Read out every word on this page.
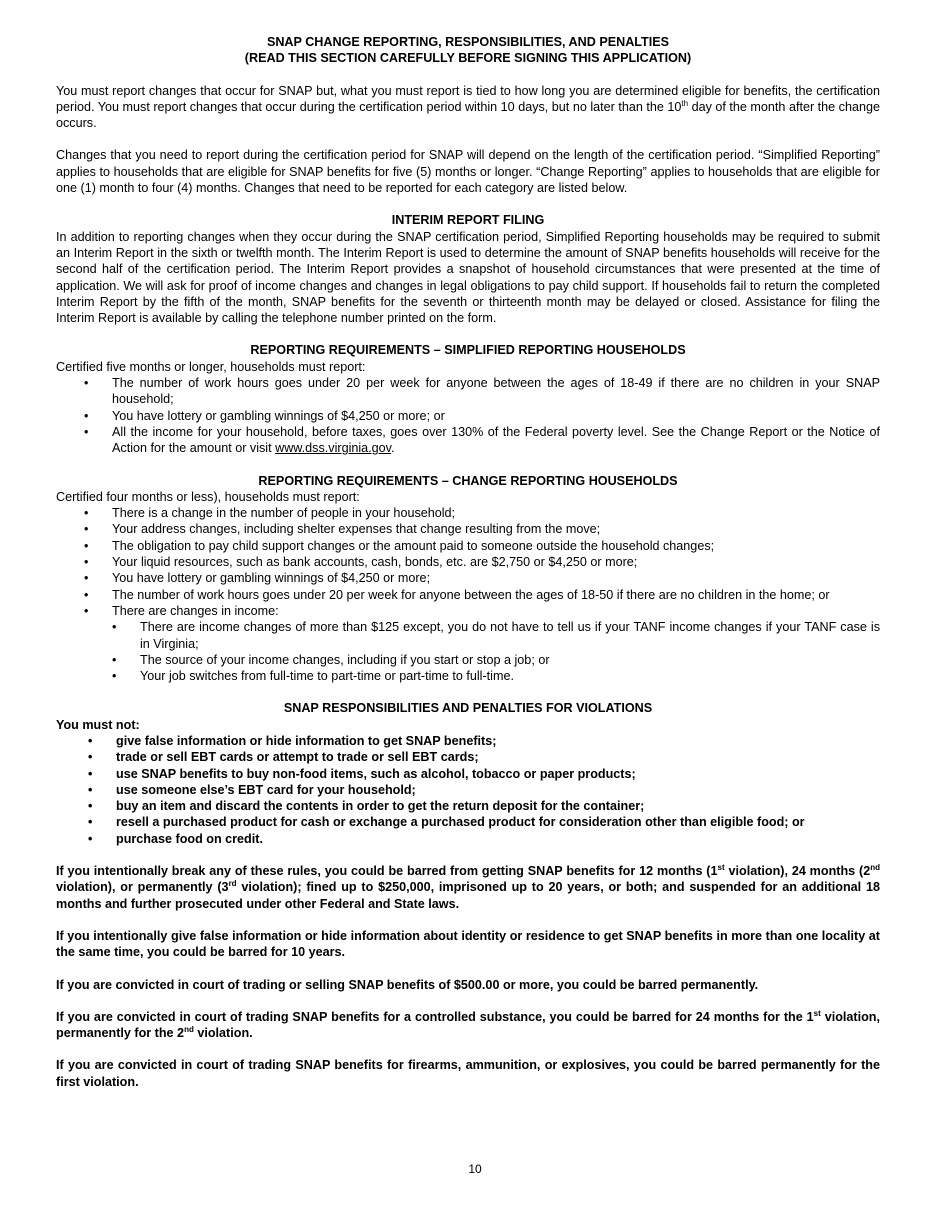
SNAP CHANGE REPORTING, RESPONSIBILITIES, AND PENALTIES
(READ THIS SECTION CAREFULLY BEFORE SIGNING THIS APPLICATION)

You must report changes that occur for SNAP but, what you must report is tied to how long you are determined eligible for benefits, the certification period. You must report changes that occur during the certification period within 10 days, but no later than the 10th day of the month after the change occurs.

Changes that you need to report during the certification period for SNAP will depend on the length of the certification period. “Simplified Reporting” applies to households that are eligible for SNAP benefits for five (5) months or longer. “Change Reporting” applies to households that are eligible for one (1) month to four (4) months. Changes that need to be reported for each category are listed below.

INTERIM REPORT FILING

In addition to reporting changes when they occur during the SNAP certification period, Simplified Reporting households may be required to submit an Interim Report in the sixth or twelfth month. The Interim Report is used to determine the amount of SNAP benefits households will receive for the second half of the certification period. The Interim Report provides a snapshot of household circumstances that were presented at the time of application. We will ask for proof of income changes and changes in legal obligations to pay child support. If households fail to return the completed Interim Report by the fifth of the month, SNAP benefits for the seventh or thirteenth month may be delayed or closed. Assistance for filing the Interim Report is available by calling the telephone number printed on the form.

REPORTING REQUIREMENTS – SIMPLIFIED REPORTING HOUSEHOLDS
Certified five months or longer, households must report:
• The number of work hours goes under 20 per week for anyone between the ages of 18-49 if there are no children in your SNAP household;
• You have lottery or gambling winnings of $4,250 or more; or
• All the income for your household, before taxes, goes over 130% of the Federal poverty level. See the Change Report or the Notice of Action for the amount or visit www.dss.virginia.gov.
REPORTING REQUIREMENTS – CHANGE REPORTING HOUSEHOLDS
Certified four months or less), households must report:
• There is a change in the number of people in your household;
• Your address changes, including shelter expenses that change resulting from the move;
• The obligation to pay child support changes or the amount paid to someone outside the household changes;
• Your liquid resources, such as bank accounts, cash, bonds, etc. are $2,750 or $4,250 or more;
• You have lottery or gambling winnings of $4,250 or more;
• The number of work hours goes under 20 per week for anyone between the ages of 18-50 if there are no children in the home; or
• There are changes in income:
• There are income changes of more than $125 except, you do not have to tell us if your TANF income changes if your TANF case is in Virginia;
• The source of your income changes, including if you start or stop a job; or
• Your job switches from full-time to part-time or part-time to full-time.
SNAP RESPONSIBILITIES AND PENALTIES FOR VIOLATIONS
You must not:
• give false information or hide information to get SNAP benefits;
• trade or sell EBT cards or attempt to trade or sell EBT cards;
• use SNAP benefits to buy non-food items, such as alcohol, tobacco or paper products;
• use someone else’s EBT card for your household;
• buy an item and discard the contents in order to get the return deposit for the container;
• resell a purchased product for cash or exchange a purchased product for consideration other than eligible food; or
• purchase food on credit.

If you intentionally break any of these rules, you could be barred from getting SNAP benefits for 12 months (1st violation), 24 months (2nd violation), or permanently (3rd violation); fined up to $250,000, imprisoned up to 20 years, or both; and suspended for an additional 18 months and further prosecuted under other Federal and State laws.

If you intentionally give false information or hide information about identity or residence to get SNAP benefits in more than one locality at the same time, you could be barred for 10 years.

If you are convicted in court of trading or selling SNAP benefits of $500.00 or more, you could be barred permanently.

If you are convicted in court of trading SNAP benefits for a controlled substance, you could be barred for 24 months for the 1st violation, permanently for the 2nd violation.

If you are convicted in court of trading SNAP benefits for firearms, ammunition, or explosives, you could be barred permanently for the first violation.

10
